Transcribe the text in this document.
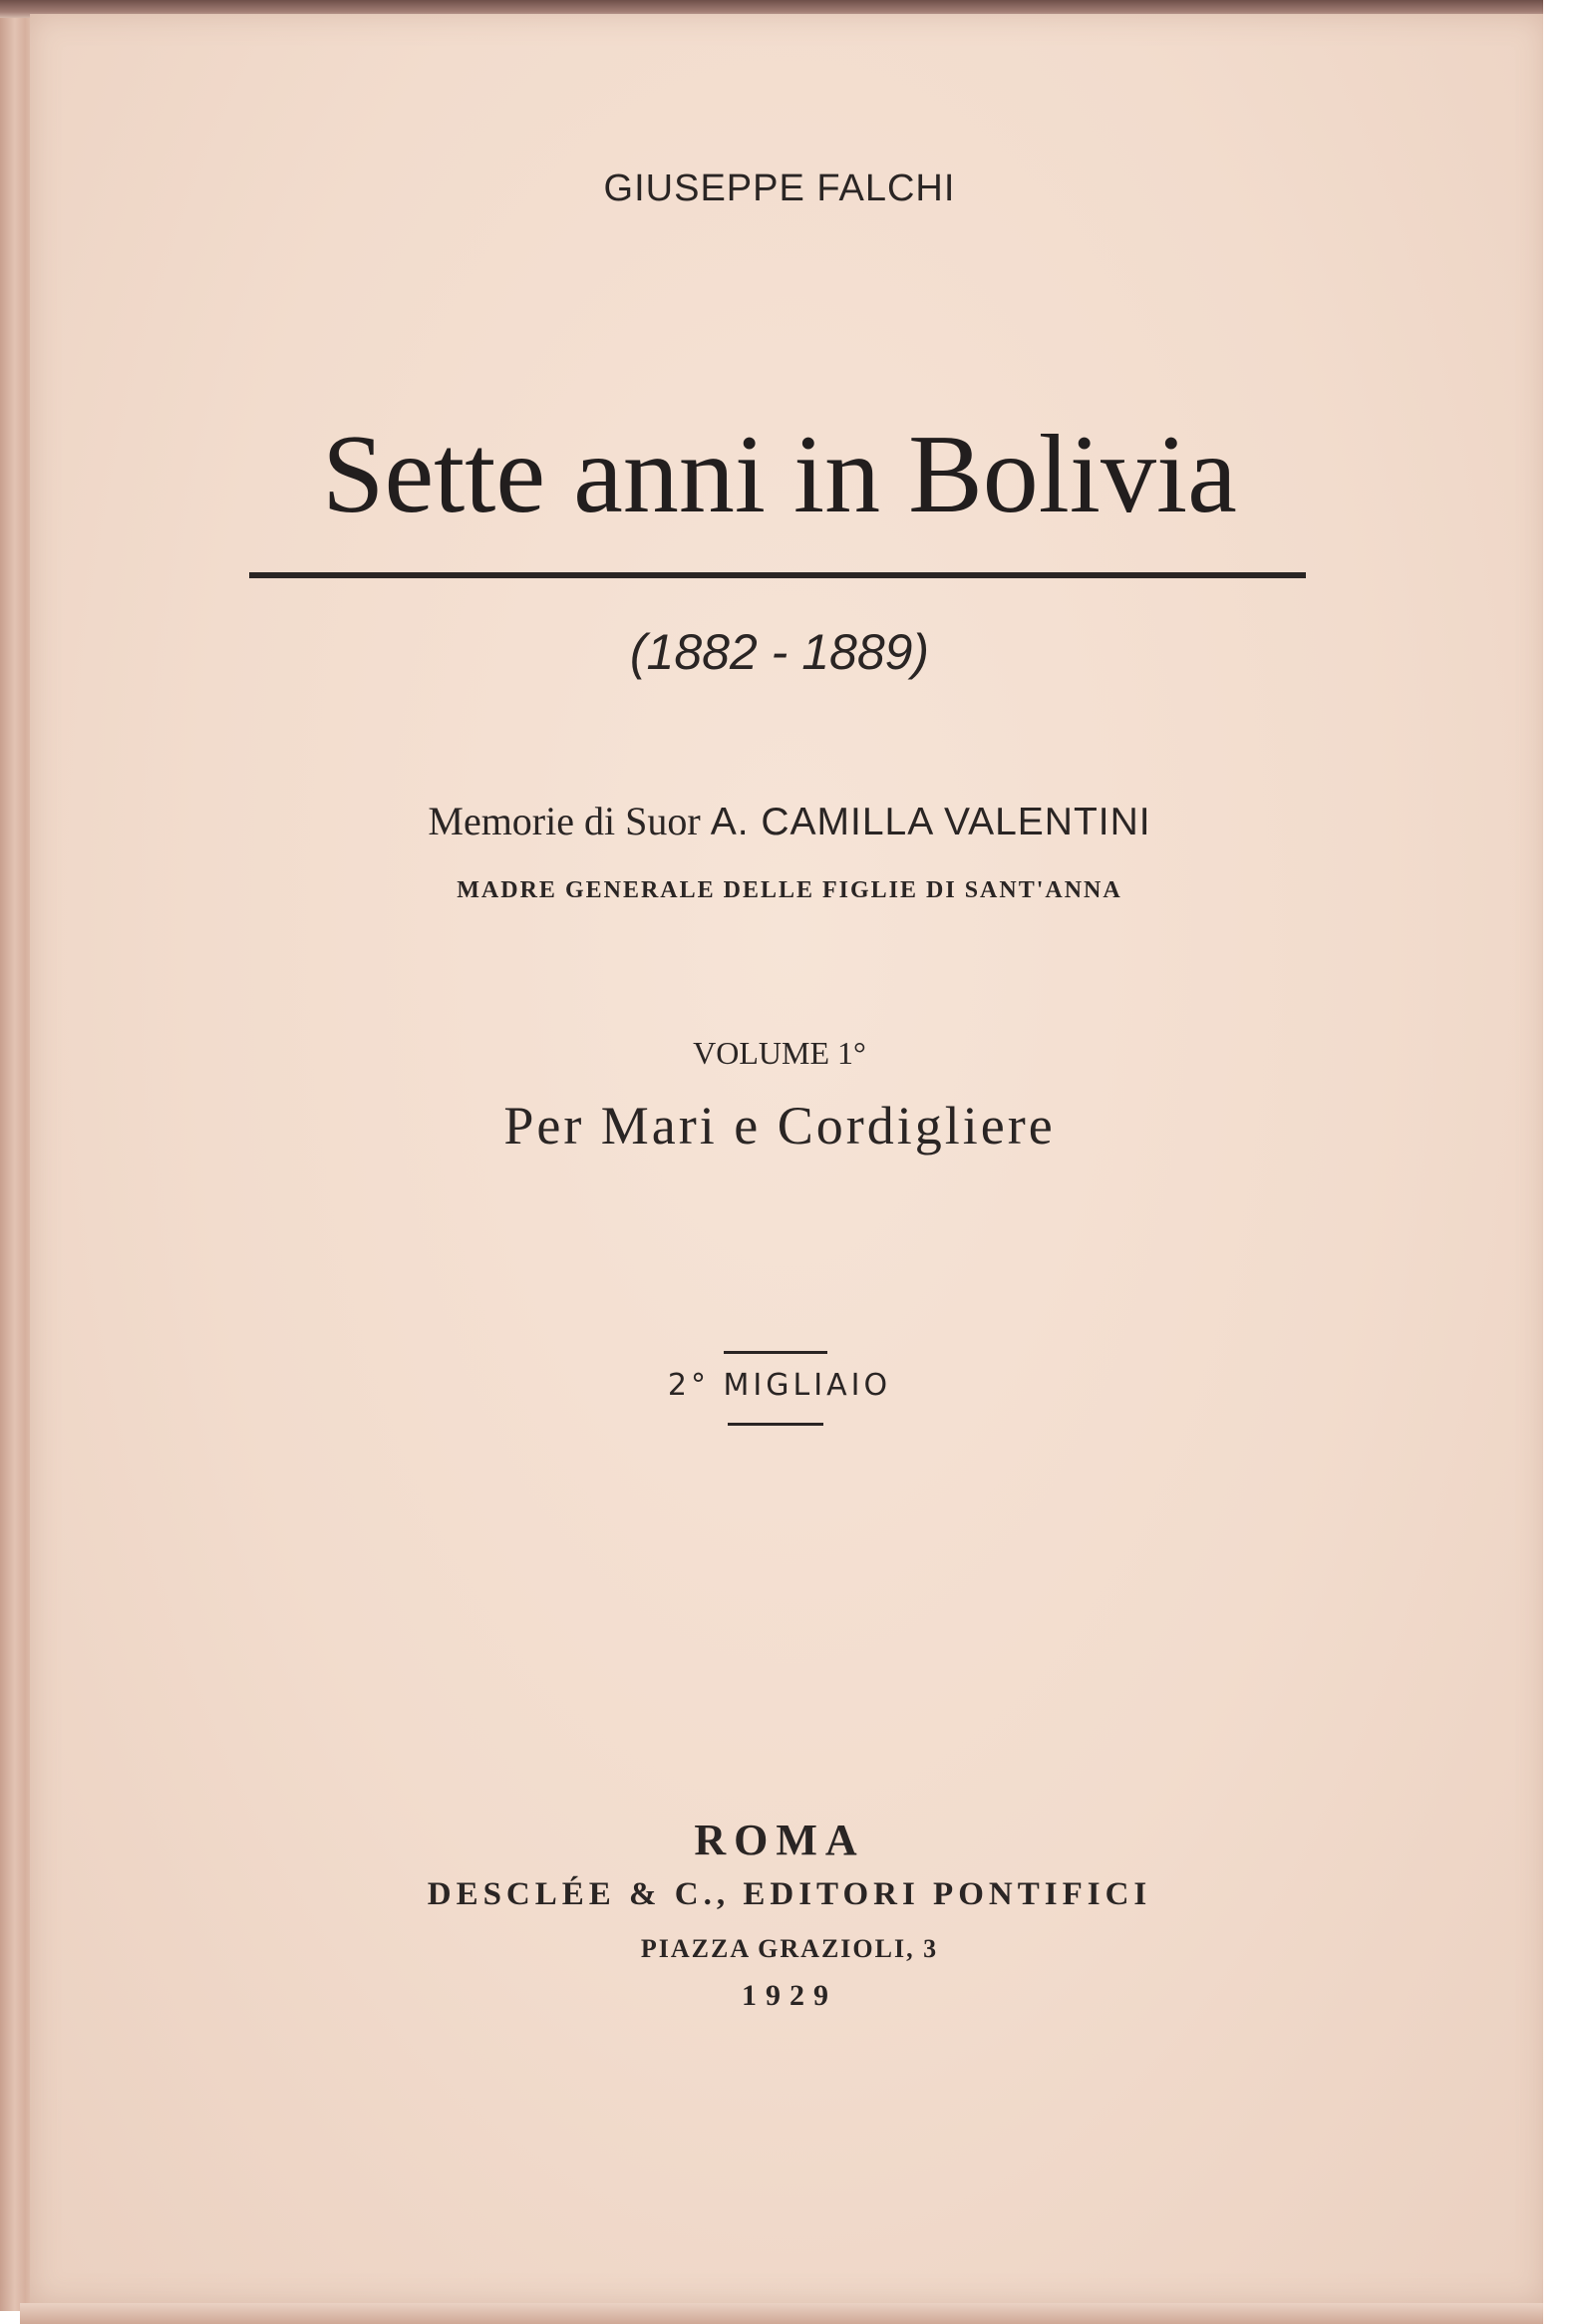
GIUSEPPE FALCHI

Sette anni in Bolivia

(1882 - 1889)

Memorie di Suor A. CAMILLA VALENTINI

MADRE GENERALE DELLE FIGLIE DI SANT'ANNA

VOLUME 1°

Per Mari e Cordigliere

2° MIGLIAIO

ROMA

DESCLÉE & C., EDITORI PONTIFICI

PIAZZA GRAZIOLI, 3

1929
